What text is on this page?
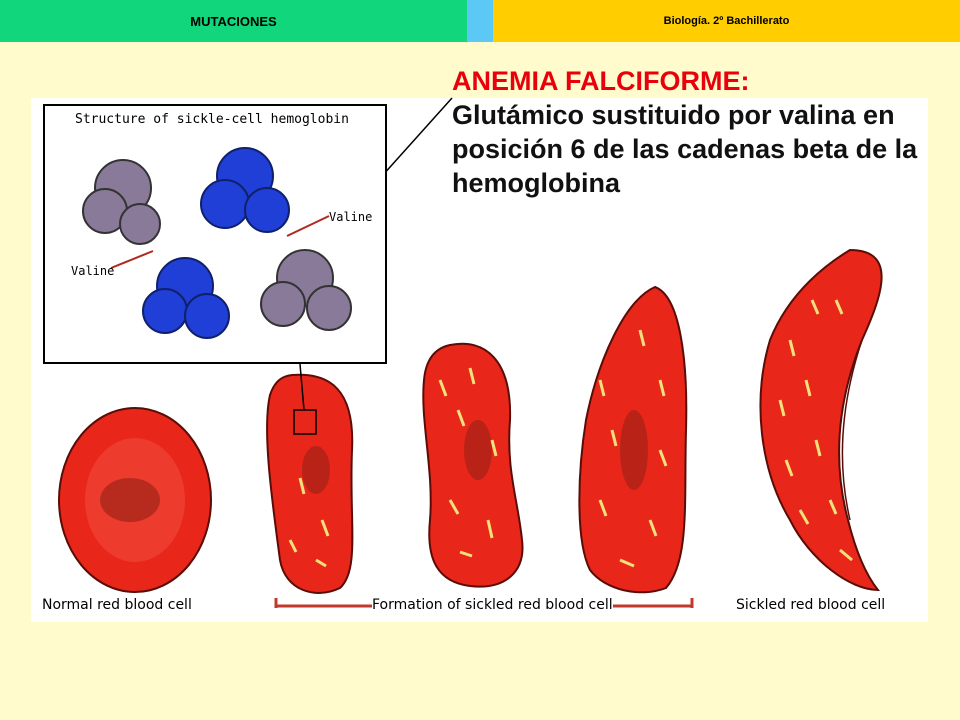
MUTACIONES	Biología. 2º Bachillerato
Structure of sickle-cell hemoglobin
Valine
Valine
Normal red blood cell	Formation of sickled red blood cell	Sickled red blood cell
ANEMIA FALCIFORME:
Glutámico sustituido por valina en posición 6 de las cadenas beta de la hemoglobina
